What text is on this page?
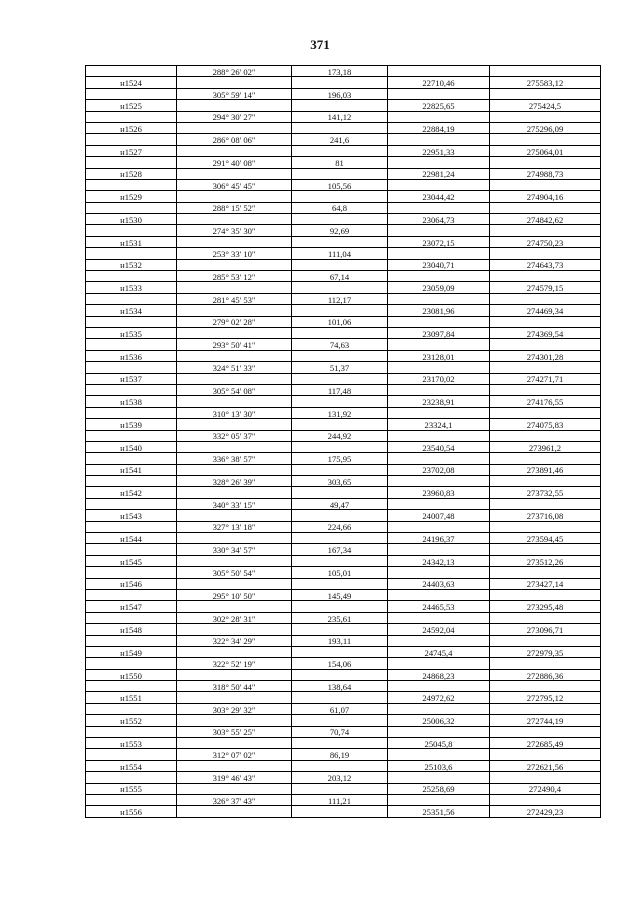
371
	288° 26' 02"	173,18		
н1524			22710,46	275583,12
	305° 59' 14"	196,03		
н1525			22825,65	275424,5
	294° 30' 27"	141,12		
н1526			22884,19	275296,09
	286° 08' 06"	241,6		
н1527			22951,33	275064,01
	291° 40' 08"	81		
н1528			22981,24	274988,73
	306° 45' 45"	105,56		
н1529			23044,42	274904,16
	288° 15' 52"	64,8		
н1530			23064,73	274842,62
	274° 35' 30"	92,69		
н1531			23072,15	274750,23
	253° 33' 10"	111,04		
н1532			23040,71	274643,73
	285° 53' 12"	67,14		
н1533			23059,09	274579,15
	281° 45' 53"	112,17		
н1534			23081,96	274469,34
	279° 02' 28"	101,06		
н1535			23097,84	274369,54
	293° 50' 41"	74,63		
н1536			23128,01	274301,28
	324° 51' 33"	51,37		
н1537			23170,02	274271,71
	305° 54' 08"	117,48		
н1538			23238,91	274176,55
	310° 13' 30"	131,92		
н1539			23324,1	274075,83
	332° 05' 37"	244,92		
н1540			23540,54	273961,2
	336° 38' 57"	175,95		
н1541			23702,08	273891,46
	328° 26' 39"	303,65		
н1542			23960,83	273732,55
	340° 33' 15"	49,47		
н1543			24007,48	273716,08
	327° 13' 18"	224,66		
н1544			24196,37	273594,45
	330° 34' 57"	167,34		
н1545			24342,13	273512,26
	305° 50' 54"	105,01		
н1546			24403,63	273427,14
	295° 10' 50"	145,49		
н1547			24465,53	273295,48
	302° 28' 31"	235,61		
н1548			24592,04	273096,71
	322° 34' 29"	193,11		
н1549			24745,4	272979,35
	322° 52' 19"	154,06		
н1550			24868,23	272886,36
	318° 50' 44"	138,64		
н1551			24972,62	272795,12
	303° 29' 32"	61,07		
н1552			25006,32	272744,19
	303° 55' 25"	70,74		
н1553			25045,8	272685,49
	312° 07' 02"	86,19		
н1554			25103,6	272621,56
	319° 46' 43"	203,12		
н1555			25258,69	272490,4
	326° 37' 43"	111,21		
н1556			25351,56	272429,23
